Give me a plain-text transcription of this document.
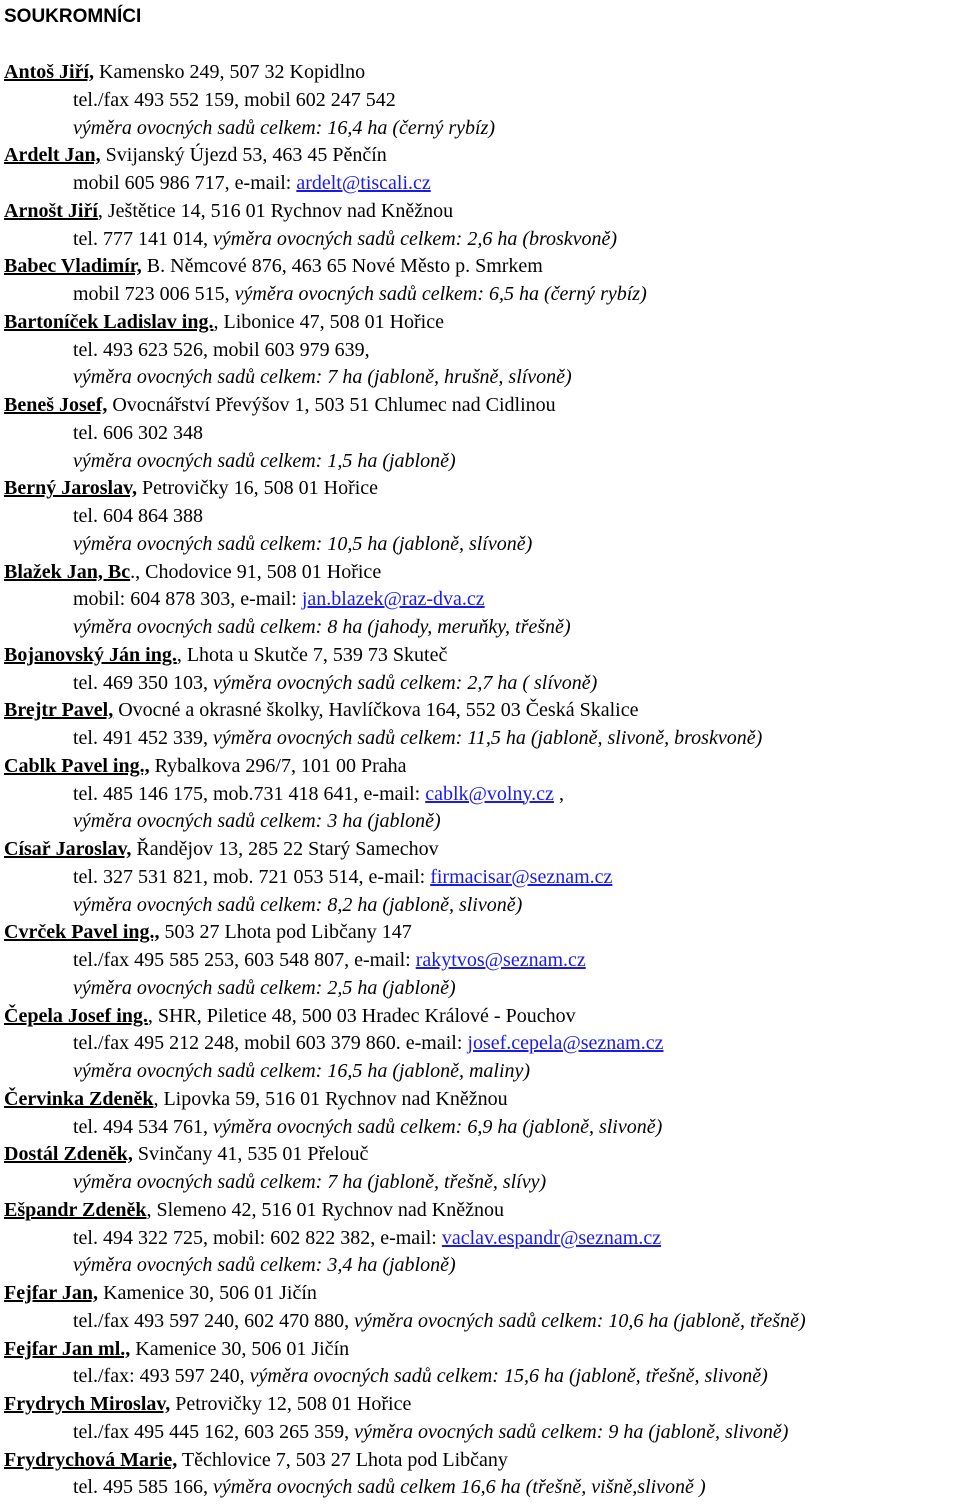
SOUKROMNÍCI
Antoš Jiří, Kamensko 249, 507 32 Kopidlno
tel./fax 493 552 159, mobil 602 247 542
výměra ovocných sadů celkem: 16,4 ha (černý rybíz)
Ardelt Jan, Svijanský Újezd 53, 463 45 Pěnčín
mobil 605 986 717, e-mail: ardelt@tiscali.cz
Arnošt Jiří, Ještětice 14, 516 01 Rychnov nad Kněžnou
tel. 777 141 014, výměra ovocných sadů celkem: 2,6 ha (broskvoně)
Babec Vladimír, B. Němcové 876, 463 65 Nové Město p. Smrkem
mobil 723 006 515, výměra ovocných sadů celkem: 6,5 ha (černý rybíz)
Bartoníček Ladislav ing., Libonice 47, 508 01 Hořice
tel. 493 623 526, mobil 603 979 639,
výměra ovocných sadů celkem: 7 ha (jabloně, hrušně, slívoně)
Beneš Josef, Ovocnářství Převýšov 1, 503 51 Chlumec nad Cidlinou
tel. 606 302 348
výměra ovocných sadů celkem: 1,5 ha (jabloně)
Berný Jaroslav, Petrovičky 16, 508 01 Hořice
tel. 604 864 388
výměra ovocných sadů celkem: 10,5 ha (jabloně, slívoně)
Blažek Jan, Bc., Chodovice 91, 508 01 Hořice
mobil: 604 878 303, e-mail: jan.blazek@raz-dva.cz
výměra ovocných sadů celkem: 8 ha (jahody, meruňky, třešně)
Bojanovský Ján ing., Lhota u Skutče 7, 539 73 Skuteč
tel. 469 350 103, výměra ovocných sadů celkem: 2,7 ha ( slívoně)
Brejtr Pavel, Ovocné a okrasné školky, Havlíčkova 164, 552 03 Česká Skalice
tel. 491 452 339, výměra ovocných sadů celkem: 11,5 ha (jabloně, slivoně, broskvoně)
Cablk Pavel ing., Rybalkova 296/7, 101 00 Praha
tel. 485 146 175, mob.731 418 641, e-mail: cablk@volny.cz ,
výměra ovocných sadů celkem: 3 ha (jabloně)
Císař Jaroslav, Řandějov 13, 285 22 Starý Samechov
tel. 327 531 821, mob. 721 053 514, e-mail: firmacisar@seznam.cz
výměra ovocných sadů celkem: 8,2 ha (jabloně, slivoně)
Cvrček Pavel ing., 503 27 Lhota pod Libčany 147
tel./fax 495 585 253, 603 548 807, e-mail: rakytvos@seznam.cz
výměra ovocných sadů celkem: 2,5 ha (jabloně)
Čepela Josef ing., SHR, Piletice 48, 500 03 Hradec Králové - Pouchov
tel./fax 495 212 248, mobil 603 379 860. e-mail: josef.cepela@seznam.cz
výměra ovocných sadů celkem: 16,5 ha (jabloně, maliny)
Červinka Zdeněk, Lipovka 59, 516 01 Rychnov nad Kněžnou
tel. 494 534 761, výměra ovocných sadů celkem: 6,9 ha (jabloně, slivoně)
Dostál Zdeněk, Svinčany 41, 535 01 Přelouč
výměra ovocných sadů celkem: 7 ha (jabloně, třešně, slívy)
Ešpandr Zdeněk, Slemeno 42, 516 01 Rychnov nad Kněžnou
tel. 494 322 725, mobil: 602 822 382, e-mail: vaclav.espandr@seznam.cz
výměra ovocných sadů celkem: 3,4 ha (jabloně)
Fejfar Jan, Kamenice 30, 506 01 Jičín
tel./fax 493 597 240, 602 470 880, výměra ovocných sadů celkem: 10,6 ha (jabloně, třešně)
Fejfar Jan ml., Kamenice 30, 506 01 Jičín
tel./fax: 493 597 240, výměra ovocných sadů celkem: 15,6 ha (jabloně, třešně, slivoně)
Frydrych Miroslav, Petrovičky 12, 508 01 Hořice
tel./fax 495 445 162, 603 265 359, výměra ovocných sadů celkem: 9 ha (jabloně, slivoně)
Frydrychová Marie, Těchlovice 7, 503 27 Lhota pod Libčany
tel. 495 585 166, výměra ovocných sadů celkem 16,6 ha (třešně, višně,slivoně )
